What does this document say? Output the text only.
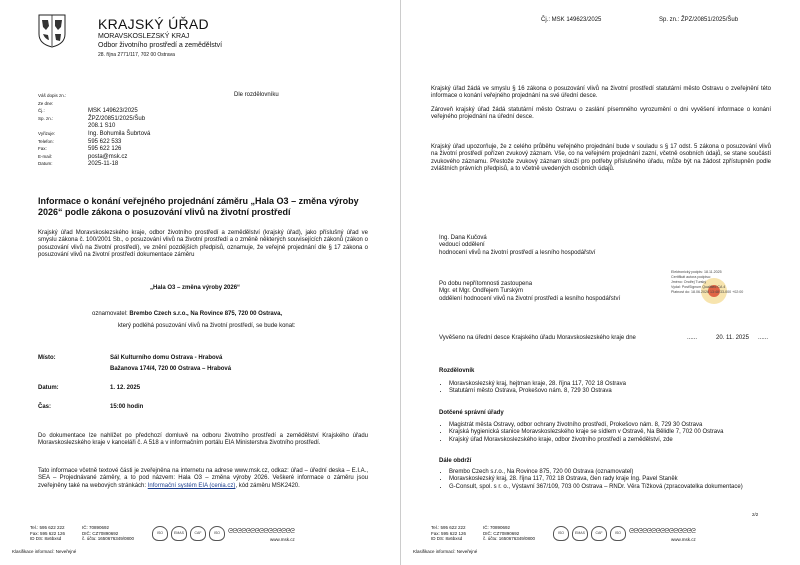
KRAJSKÝ ÚŘAD
MORAVSKOSLEZSKÝ KRAJ
Odbor životního prostředí a zemědělství
28. října 2771/117, 702 00 Ostrava
Dle rozdělovníku
Váš dopis zn.:
Ze dne:
Čj.:	MSK 149623/2025
Sp. zn.:	ŽPZ/20851/2025/Šub
208.1 S10
Vyřizuje:	Ing. Bohumila Šubrtová
Telefon:	595 622 533
Fax:	595 622 126
E-mail:	posta@msk.cz
Datum:	2025-11-18
Informace o konání veřejného projednání záměru „Hala O3 – změna výroby 2026“ podle zákona o posuzování vlivů na životní prostředí
Krajský úřad Moravskoslezského kraje, odbor životního prostředí a zemědělství (krajský úřad), jako příslušný úřad ve smyslu zákona č. 100/2001 Sb., o posuzování vlivů na životní prostředí a o změně některých souvisejících zákonů (zákon o posuzování vlivů na životní prostředí), ve znění pozdějších předpisů, oznamuje, že veřejné projednání dle § 17 zákona o posuzování vlivů na životní prostředí dokumentace záměru
„Hala O3 – změna výroby 2026“
oznamovatel: Brembo Czech s.r.o., Na Rovince 875, 720 00 Ostrava,
který podléhá posuzování vlivů na životní prostředí, se bude konat:
Místo:	Sál Kulturního domu Ostrava - Hrabová
Bažanova 174/4, 720 00 Ostrava – Hrabová
Datum:	1. 12. 2025
Čas:	15:00 hodin
Do dokumentace lze nahlížet po předchozí domluvě na odboru životního prostředí a zemědělství Krajského úřadu Moravskoslezského kraje v kanceláři č. A 518 a v informačním portálu EIA Ministerstva životního prostředí.
Tato informace včetně textové části je zveřejněna na internetu na adrese www.msk.cz, odkaz: úřad – úřední deska – E.I.A., SEA – Projednávané záměry, a to pod názvem: Hala O3 – změna výroby 2026. Veškeré informace o záměru jsou zveřejněny také na webových stránkách: Informační systém EIA (cenia.cz), kód záměru MSK2420.
Tel.: 595 622 222
Fax: 595 622 126
ID DS: 8x6bxsd
IČ: 70890692
DIČ: CZ70890692
č. účtu: 1650676349/0800
ISO	EMAS	CAF	ISO	ᘓᘓᘓᘓᘓᘓᘓᘓᘓᘓᘓᘓᘓᘓᘓ
www.msk.cz
Klasifikace informací: Neveřejné
Čj.: MSK 149623/2025	Sp. zn.: ŽPZ/20851/2025/Šub
Krajský úřad žádá ve smyslu § 16 zákona o posuzování vlivů na životní prostředí statutární město Ostravu o zveřejnění této informace o konání veřejného projednání na své úřední desce.
Zároveň krajský úřad žádá statutární město Ostravu o zaslání písemného vyrozumění o dni vyvěšení informace o konání veřejného projednání na úřední desce.
Krajský úřad upozorňuje, že z celého průběhu veřejného projednání bude v souladu s § 17 odst. 5 zákona o posuzování vlivů na životní prostředí pořízen zvukový záznam. Vše, co na veřejném projednání zazní, včetně osobních údajů, se stane součástí zvukového záznamu. Přestože zvukový záznam slouží pro potřeby příslušného úřadu, může být na žádost zpřístupněn podle zvláštních právních předpisů, a to včetně uvedených osobních údajů.
Ing. Dana Kučová
vedoucí oddělení
hodnocení vlivů na životní prostředí a lesního hospodářství
Po dobu nepřítomnosti zastoupena
Mgr. et Mgr. Ondřejem Turským
oddělení hodnocení vlivů na životní prostředí a lesního hospodářství
Elektronický podpis: 18.11.2025
Certifikát autora podpisu:
Jméno: Ondřej Turský
Vydal: PostSignum Qualified CA 4
Platnost do: 18.06.2026 13:48:33-000 +02:00
Vyvěšeno na úřední desce Krajského úřadu Moravskoslezského kraje dne	......	20. 11. 2025 ......
Rozdělovník
• Moravskoslezský kraj, hejtman kraje, 28. října 117, 702 18 Ostrava
• Statutární město Ostrava, Prokešovo nám. 8, 729 30 Ostrava
Dotčené správní úřady
• Magistrát města Ostravy, odbor ochrany životního prostředí, Prokešovo nám. 8, 729 30 Ostrava
• Krajská hygienická stanice Moravskoslezského kraje se sídlem v Ostravě, Na Bělidle 7, 702 00 Ostrava
• Krajský úřad Moravskoslezského kraje, odbor životního prostředí a zemědělství, zde
Dále obdrží
• Brembo Czech s.r.o., Na Rovince 875, 720 00 Ostrava (oznamovatel)
• Moravskoslezský kraj, 28. října 117, 702 18 Ostrava, člen rady kraje Ing. Pavel Staněk
• G-Consult, spol. s r. o., Výstavní 367/109, 703 00 Ostrava – RNDr. Věra Tížková (zpracovatelka dokumentace)
2/2
Tel.: 595 622 222
Fax: 595 622 126
ID DS: 8x6bxsd
IČ: 70890692
DIČ: CZ70890692
č. účtu: 1650676349/0800
ISO	EMAS	CAF	ISO	ᘓᘓᘓᘓᘓᘓᘓᘓᘓᘓᘓᘓᘓᘓᘓ
www.msk.cz
Klasifikace informací: Neveřejné
